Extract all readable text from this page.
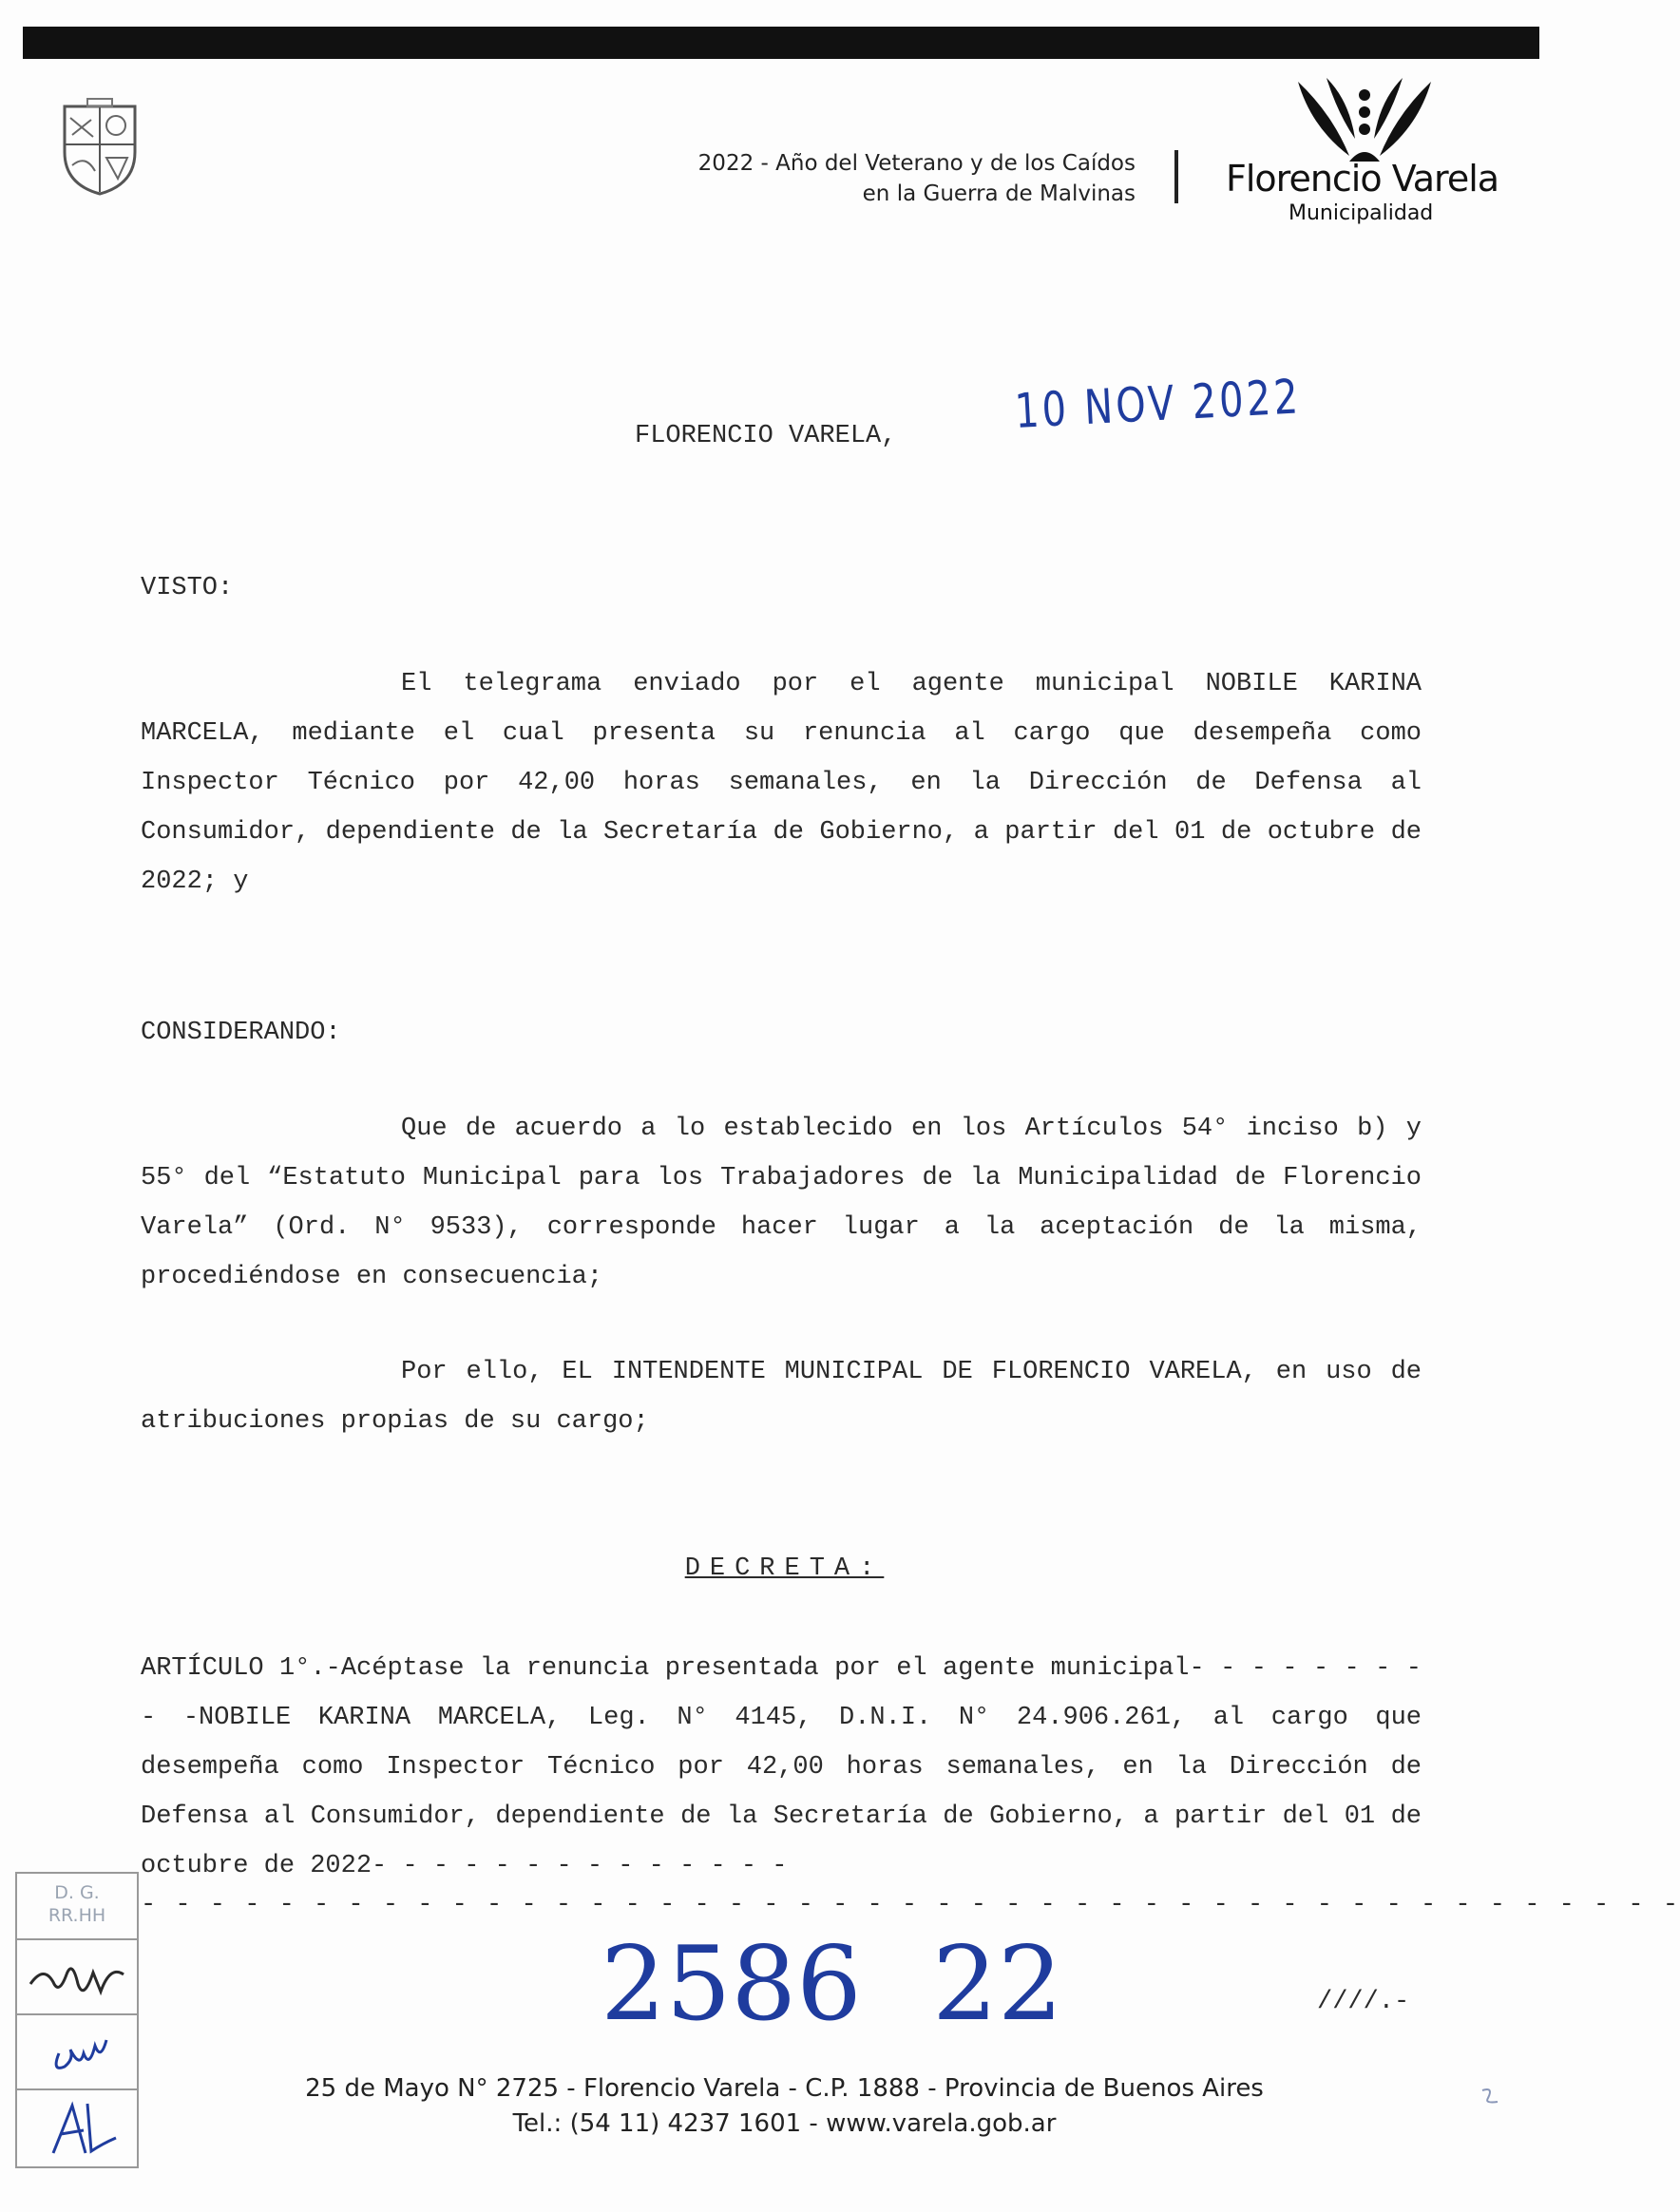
2022 - Año del Veterano y de los Caídos
en la Guerra de Malvinas	Florencio Varela
Municipalidad
FLORENCIO VARELA, 10 NOV 2022
VISTO:

El telegrama enviado por el agente municipal NOBILE KARINA MARCELA, mediante el cual presenta su renuncia al cargo que desempeña como Inspector Técnico por 42,00 horas semanales, en la Dirección de Defensa al Consumidor, dependiente de la Secretaría de Gobierno, a partir del 01 de octubre de 2022; y

CONSIDERANDO:

Que de acuerdo a lo establecido en los Artículos 54° inciso b) y 55° del “Estatuto Municipal para los Trabajadores de la Municipalidad de Florencio Varela” (Ord. N° 9533), corresponde hacer lugar a la aceptación de la misma, procediéndose en consecuencia;

Por ello, EL INTENDENTE MUNICIPAL DE FLORENCIO VARELA, en uso de atribuciones propias de su cargo;

DECRETA:

ARTÍCULO 1°.-Acéptase la renuncia presentada por el agente municipal- - - - - - - - - -NOBILE KARINA MARCELA, Leg. N° 4145, D.N.I. N° 24.906.261, al cargo que desempeña como Inspector Técnico por 42,00 horas semanales, en la Dirección de Defensa al Consumidor, dependiente de la Secretaría de Gobierno, a partir del 01 de octubre de 2022- - - - - - - - - - - - - -

- - - - - - - - - - - - - - - - - - - - - - - - - - - - - - - - - - - - - - - - - - - - -
2586 22	////.-
D. G.
RR.HH
25 de Mayo N° 2725 - Florencio Varela - C.P. 1888 - Provincia de Buenos Aires
Tel.: (54 11) 4237 1601 - www.varela.gob.ar
